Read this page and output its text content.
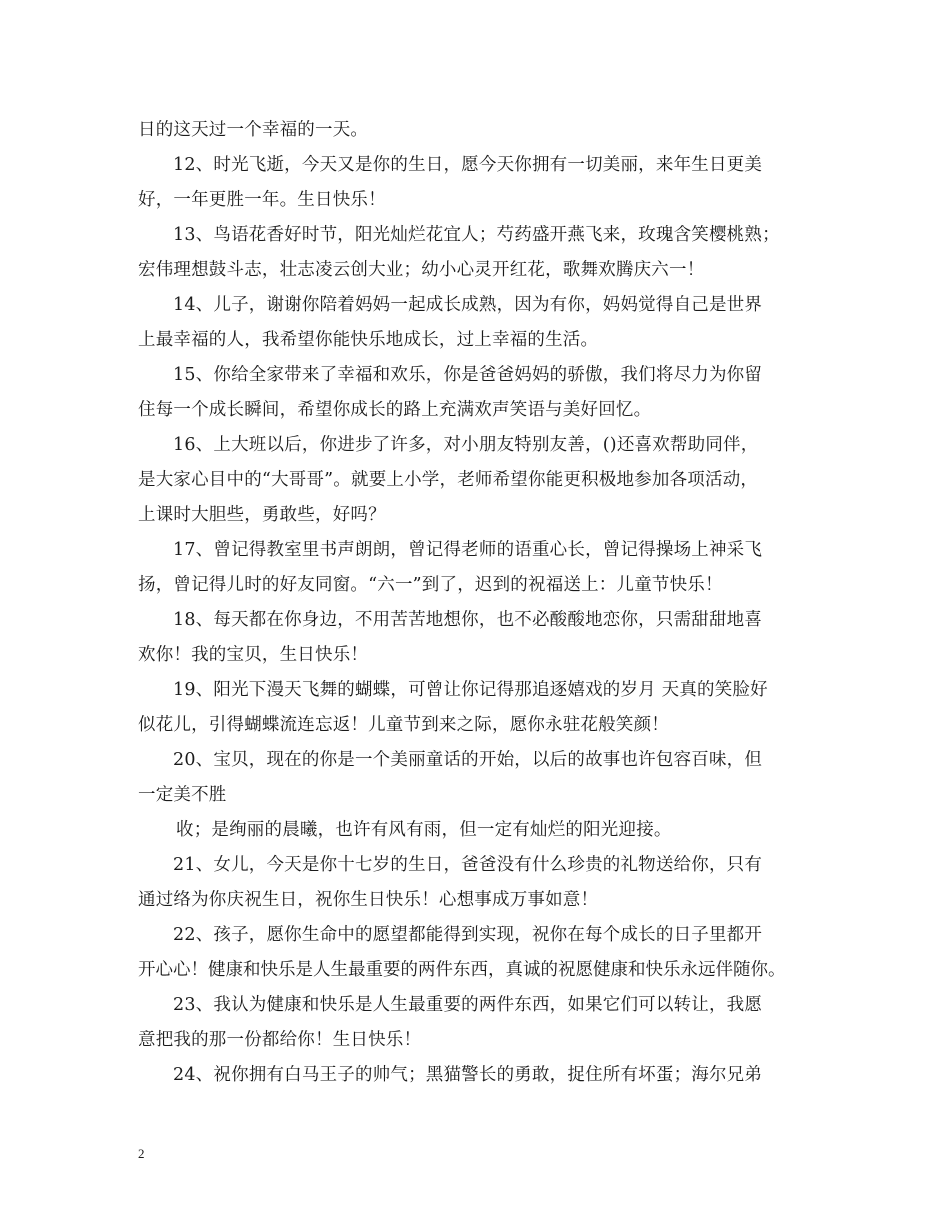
日的这天过一个幸福的一天。
12、时光飞逝，今天又是你的生日，愿今天你拥有一切美丽，来年生日更美
好，一年更胜一年。生日快乐！
13、鸟语花香好时节，阳光灿烂花宜人；芍药盛开燕飞来，玫瑰含笑樱桃熟；
宏伟理想鼓斗志，壮志凌云创大业；幼小心灵开红花，歌舞欢腾庆六一！
14、儿子，谢谢你陪着妈妈一起成长成熟，因为有你，妈妈觉得自己是世界
上最幸福的人，我希望你能快乐地成长，过上幸福的生活。
15、你给全家带来了幸福和欢乐，你是爸爸妈妈的骄傲，我们将尽力为你留
住每一个成长瞬间，希望你成长的路上充满欢声笑语与美好回忆。
16、上大班以后，你进步了许多，对小朋友特别友善，()还喜欢帮助同伴，
是大家心目中的“大哥哥”。就要上小学，老师希望你能更积极地参加各项活动，
上课时大胆些，勇敢些，好吗？
17、曾记得教室里书声朗朗，曾记得老师的语重心长，曾记得操场上神采飞
扬，曾记得儿时的好友同窗。“六一”到了，迟到的祝福送上：儿童节快乐！
18、每天都在你身边，不用苦苦地想你，也不必酸酸地恋你，只需甜甜地喜
欢你！我的宝贝，生日快乐！
19、阳光下漫天飞舞的蝴蝶，可曾让你记得那追逐嬉戏的岁月 天真的笑脸好
似花儿，引得蝴蝶流连忘返！儿童节到来之际，愿你永驻花般笑颜！
20、宝贝，现在的你是一个美丽童话的开始，以后的故事也许包容百味，但
一定美不胜
收；是绚丽的晨曦，也许有风有雨，但一定有灿烂的阳光迎接。
21、女儿，今天是你十七岁的生日，爸爸没有什么珍贵的礼物送给你，只有
通过络为你庆祝生日，祝你生日快乐！心想事成万事如意！
22、孩子，愿你生命中的愿望都能得到实现，祝你在每个成长的日子里都开
开心心！健康和快乐是人生最重要的两件东西，真诚的祝愿健康和快乐永远伴随你。
23、我认为健康和快乐是人生最重要的两件东西，如果它们可以转让，我愿
意把我的那一份都给你！生日快乐！
24、祝你拥有白马王子的帅气；黑猫警长的勇敢，捉住所有坏蛋；海尔兄弟
2
